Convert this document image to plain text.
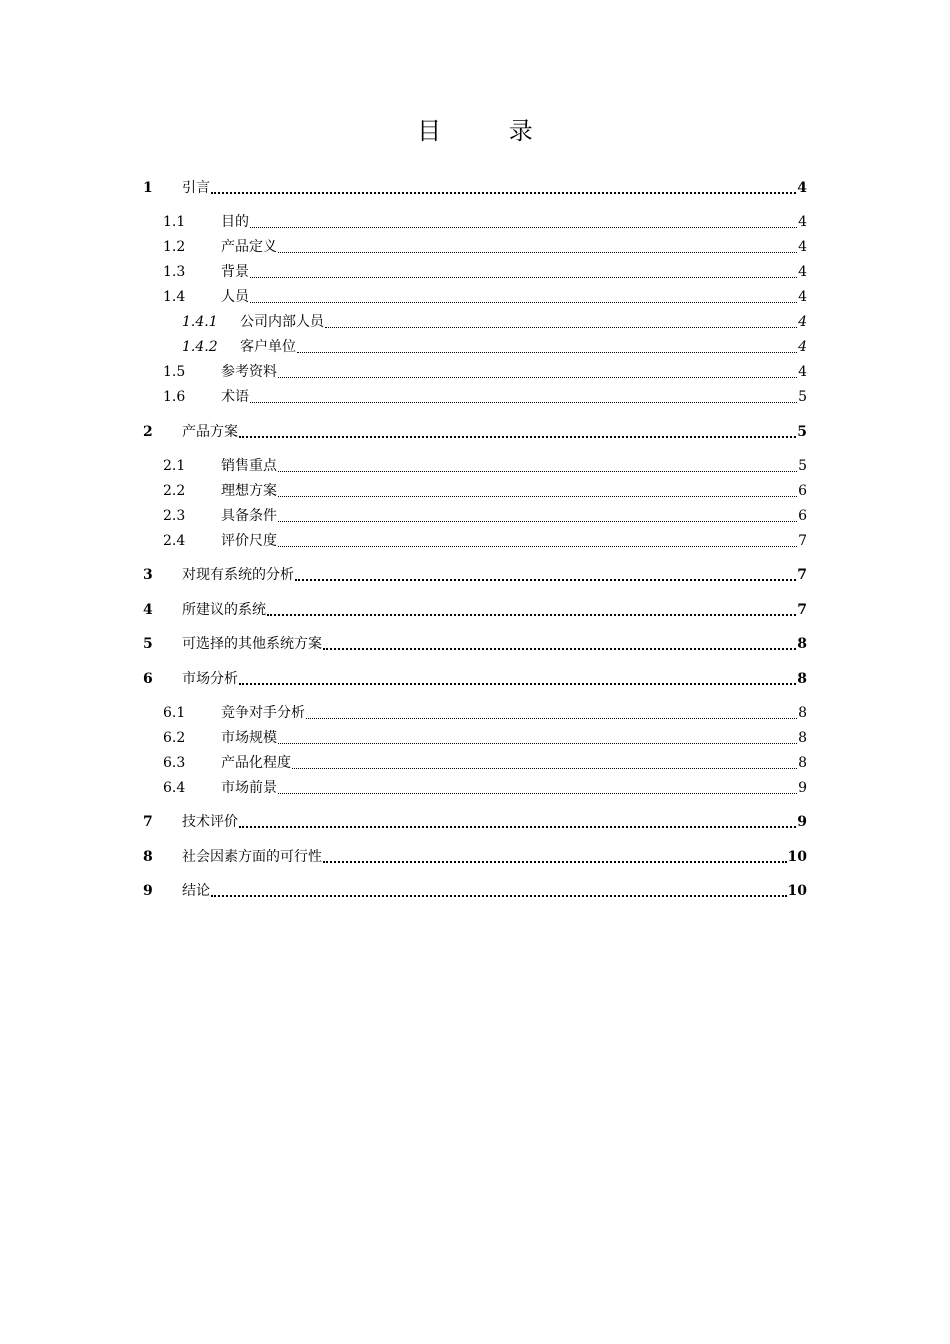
目 录
1 引言	4
1.1	目的	4
1.2	产品定义	4
1.3	背景	4
1.4	人员	4
1.4.1 公司内部人员	4
1.4.2 客户单位	4
1.5	参考资料	4
1.6	术语	5
2 产品方案	5
2.1	销售重点	5
2.2	理想方案	6
2.3	具备条件	6
2.4	评价尺度	7
3 对现有系统的分析	7
4 所建议的系统	7
5 可选择的其他系统方案	8
6 市场分析	8
6.1	竞争对手分析	8
6.2	市场规模	8
6.3	产品化程度	8
6.4	市场前景	9
7 技术评价	9
8 社会因素方面的可行性	10
9 结论	10
